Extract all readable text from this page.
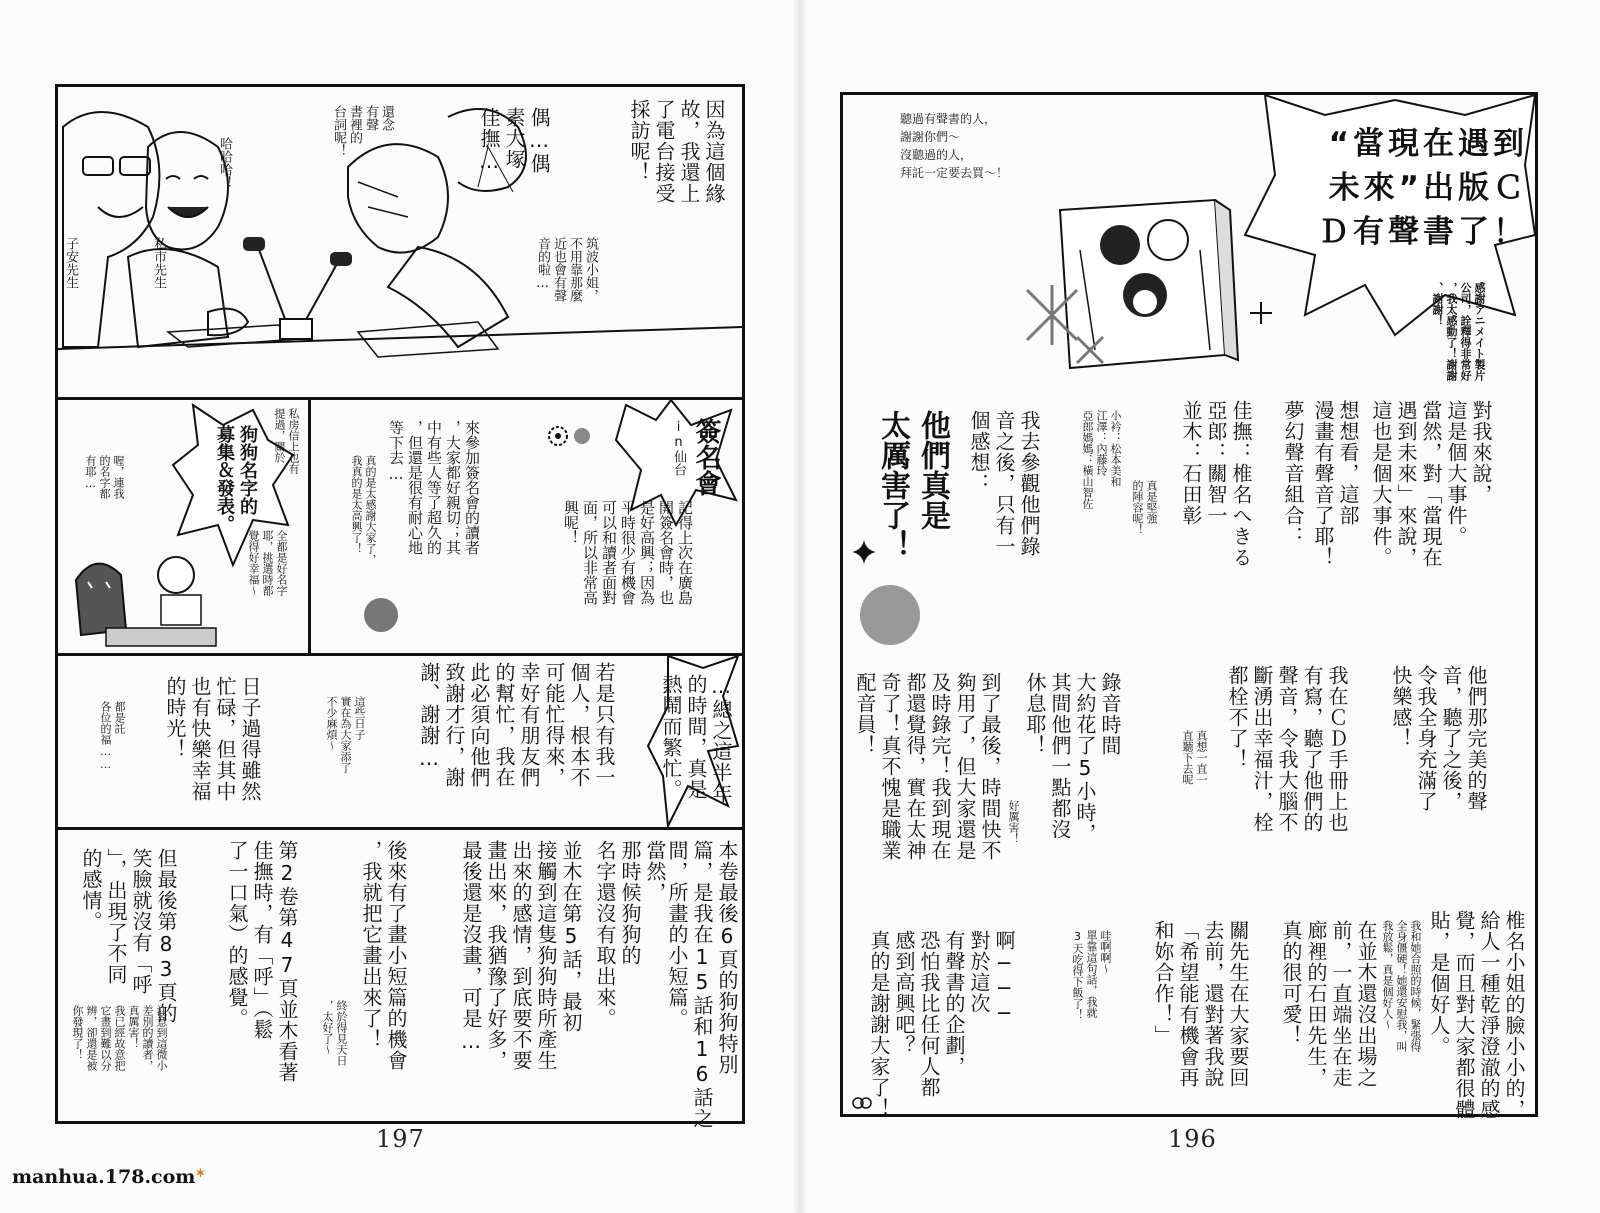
因為這個緣
故，我還上
了電台接受
採訪呢！
偶…偶
素大塚
佳撫…
還念
有聲
書裡的
台詞呢！
哈哈哈！
筑波小姐，
不用靠那麼
近也會有聲
音的啦…
子安先生	私市先生
簽名會
in仙台
記得上次在廣島
開簽名會時，也
是好高興；因為
平時很少有機會
可以和讀者面對
面，所以非常高
興呢！
來參加簽名會的讀者
，大家都好親切；其
中有些人等了超久的
，但還是很有耐心地
等下去…
真的是太感謝大家了，
我真的是太高興了！
狗狗名字的
募集＆發表。	私房信上也有
提過，關於
全都是好名字
耶，挑選時都
覺得好幸福～
喔，連我
的名字都
有耶…
…總之這半年
的時間，真是
熱鬧而繁忙。
若是只有我一
個人，根本不
可能忙得來，
幸好有朋友們
的幫忙，我在
此必須向他們
致謝才行，謝
謝、謝謝…
這些日子
實在為大家添了
不少麻煩～
日子過得雖然
忙碌，但其中
也有快樂幸福
的時光！
都是託
各位的福……
本卷最後6頁的狗狗特別
篇，是我在15話和16話之
間，所畫的小短篇。
當然，
那時候狗狗的
名字還沒有取出來。
並木在第5話，最初
接觸到這隻狗狗時所產生
出來的感情，到底要不要
畫出來，我猶豫了好多，
最後還是沒畫，可是…
後來有了畫小短篇的機會
，我就把它畫出來了！
終於得見天日
，太好了～
第2卷第47頁並木看著
佳撫時，有「呼」（鬆
了一口氣）的感覺。
但最後第83頁的
笑臉就沒有「呼
」，出現了不同
的感情。
注意到這微小
差別的讀者，
真厲害！
我已經故意把
它畫到難以分
辨，卻還是被
你發現了！
197
manhua.178.com✶
聽過有聲書的人，
謝謝你們～
沒聽過的人，
拜託一定要去買～！
“當現在遇到
未來”出版Ｃ
Ｄ有聲書了！
感謝アニメイト製片
公司，詮釋得非常好
，我太感動了！謝謝
、謝謝！
對我來說，
這是個大事件。
當然，對「當現在
遇到未來」來說，
這也是個大事件。
想想看，這部
漫畫有聲音了耶！
夢幻聲音組合：
佳撫：椎名へきる
亞郎：關智一
並木：石田彰
真是堅強
的陣容呢！
小衿：松本美和
江澤：內藤玲
亞郎媽媽：橫山智佐
我去參觀他們錄
音之後，只有一
個感想：
他們真是
太厲害了！
他們那完美的聲
音，聽了之後，
令我全身充滿了
快樂感！
我在ＣＤ手冊上也
有寫，聽了他們的
聲音，令我大腦不
斷湧出幸福汁，栓
都栓不了！
真想一直一
直聽下去呢
錄音時間
大約花了5小時，
其間他們一點都沒
休息耶！
到了最後，時間快不
夠用了，但大家還是
及時錄完！我到現在
都還覺得，實在太神
奇了！真不愧是職業
配音員！
好厲害！
椎名小姐的臉小小的，
給人一種乾淨澄澈的感
覺，而且對大家都很體
貼，是個好人。
我和她合照的時候，緊張得
全身僵硬！她還安慰我，叫
我放鬆，真是個好人～
在並木還沒出場之
前，一直端坐在走
廊裡的石田先生，
真的很可愛！
關先生在大家要回
去前，還對著我說
「希望能有機會再
和妳合作！」
哇啊啊～
單靠這句話，我就
3天吃得下飯了！
啊───
對於這次
有聲書的企劃，
恐怕我比任何人都
感到高興吧？
真的是謝謝大家了！
196
